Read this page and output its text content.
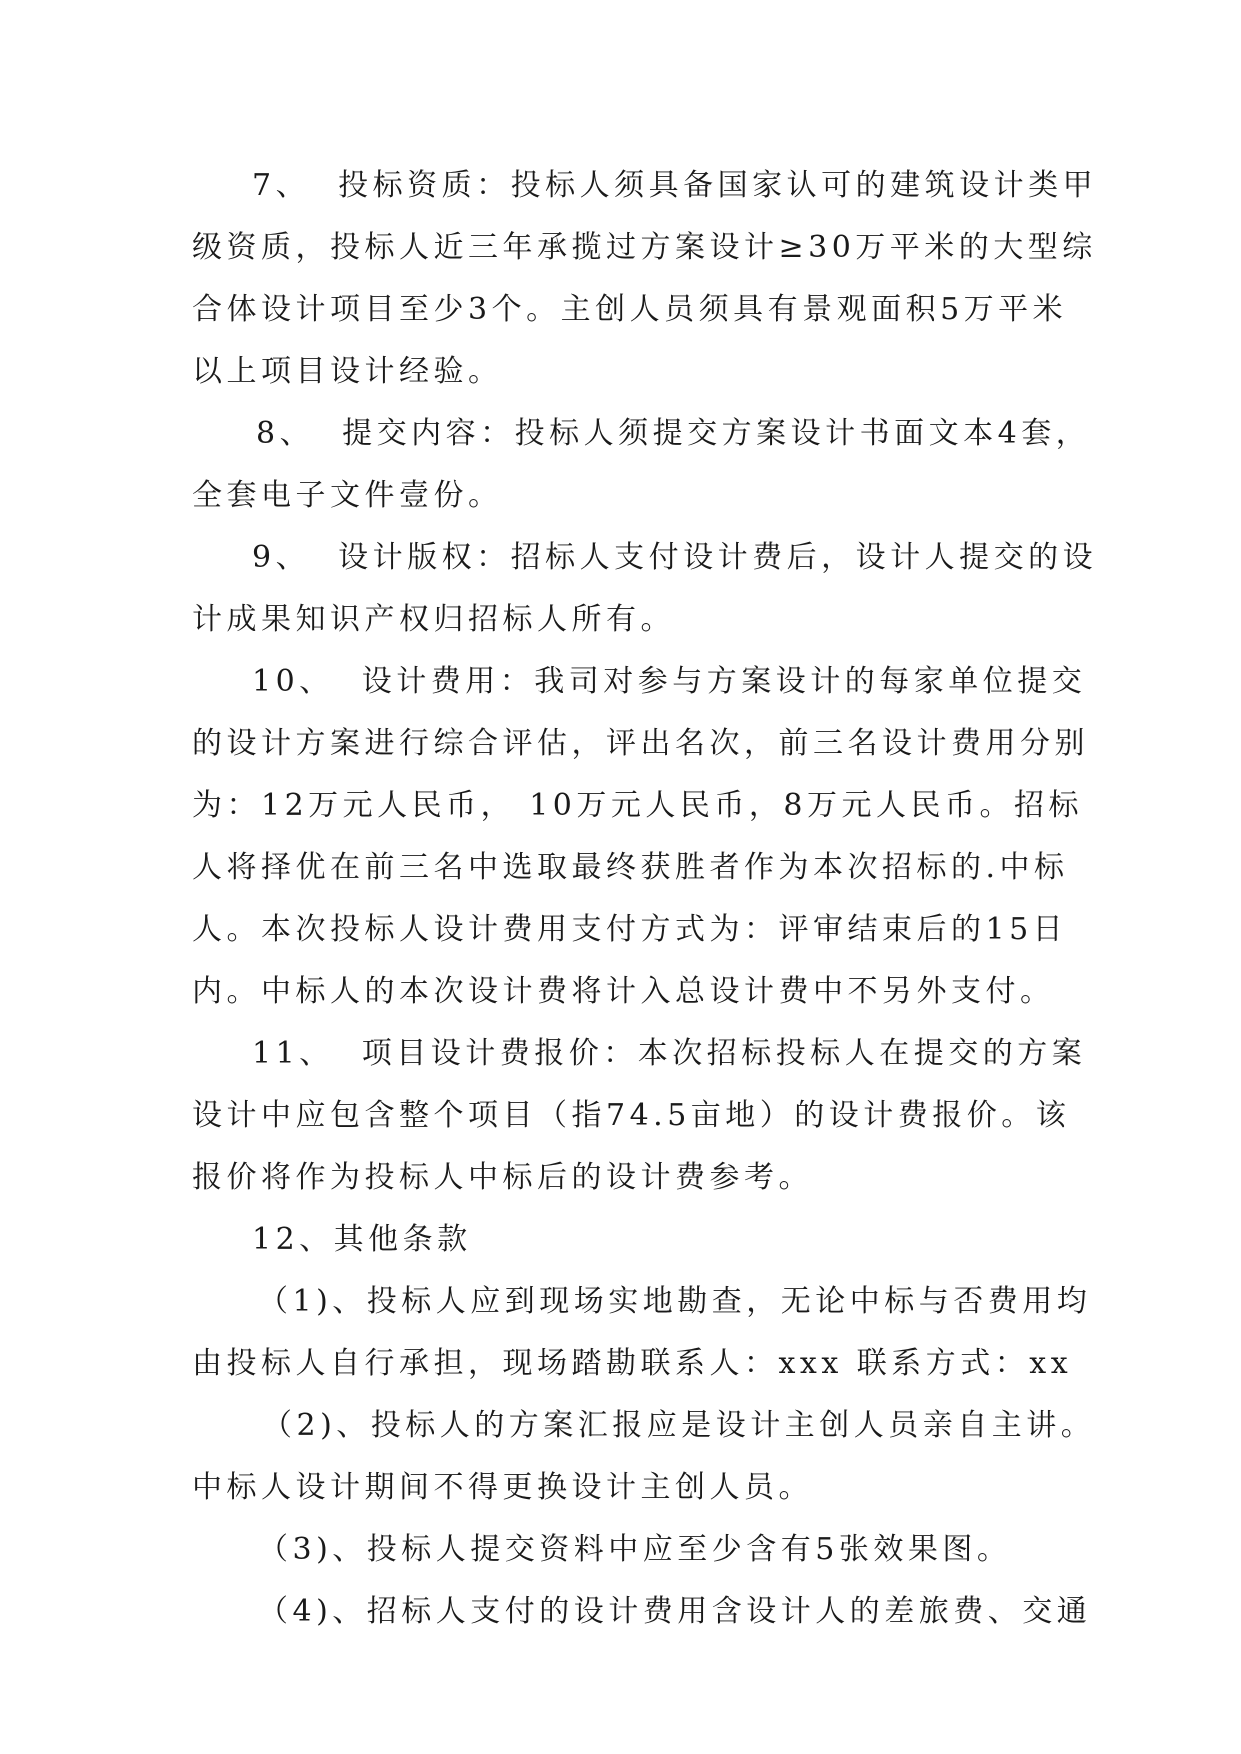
7、  投标资质：投标人须具备国家认可的建筑设计类甲
级资质，投标人近三年承揽过方案设计≥30万平米的大型综
合体设计项目至少3个。主创人员须具有景观面积5万平米
以上项目设计经验。
8、  提交内容：投标人须提交方案设计书面文本4套，
全套电子文件壹份。
9、  设计版权：招标人支付设计费后，设计人提交的设
计成果知识产权归招标人所有。
10、  设计费用：我司对参与方案设计的每家单位提交
的设计方案进行综合评估，评出名次，前三名设计费用分别
为：12万元人民币， 10万元人民币，8万元人民币。招标
人将择优在前三名中选取最终获胜者作为本次招标的.中标
人。本次投标人设计费用支付方式为：评审结束后的15日
内。中标人的本次设计费将计入总设计费中不另外支付。
11、  项目设计费报价：本次招标投标人在提交的方案
设计中应包含整个项目（指74.5亩地）的设计费报价。该
报价将作为投标人中标后的设计费参考。
12、其他条款
（1)、投标人应到现场实地勘查，无论中标与否费用均
由投标人自行承担，现场踏勘联系人：xxx 联系方式：xx
（2)、投标人的方案汇报应是设计主创人员亲自主讲。
中标人设计期间不得更换设计主创人员。
（3)、投标人提交资料中应至少含有5张效果图。
（4)、招标人支付的设计费用含设计人的差旅费、交通
